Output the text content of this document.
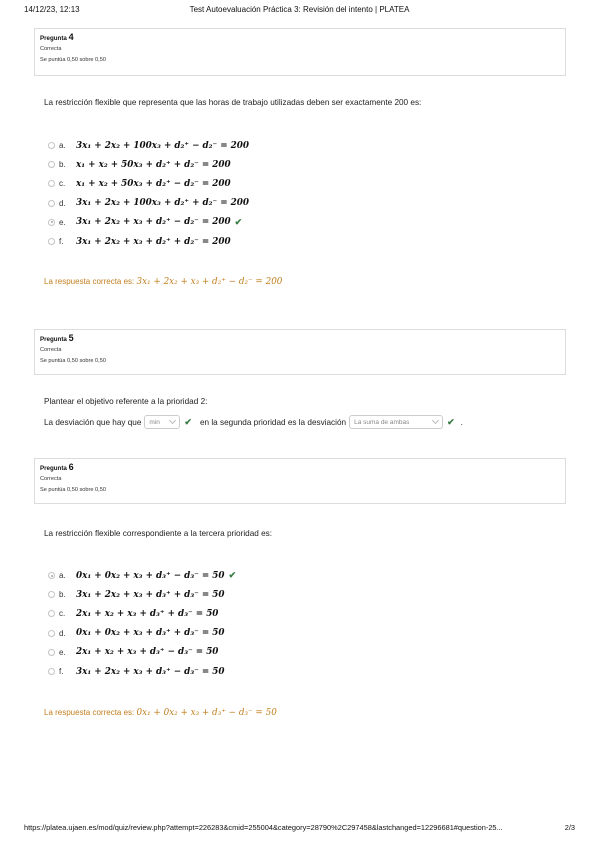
14/12/23, 12:13	Test Autoevaluación Práctica 3: Revisión del intento | PLATEA
Pregunta 4
Correcta
Se puntúa 0,50 sobre 0,50
La restricción flexible que representa que las horas de trabajo utilizadas deben ser exactamente 200 es:
a.	3x₁ + 2x₂ + 100x₃ + d₂⁺ − d₂⁻ = 200
b.	x₁ + x₂ + 50x₃ + d₂⁺ + d₂⁻ = 200
c.	x₁ + x₂ + 50x₃ + d₂⁺ − d₂⁻ = 200
d.	3x₁ + 2x₂ + 100x₃ + d₂⁺ + d₂⁻ = 200
e.	3x₁ + 2x₂ + x₃ + d₂⁺ − d₂⁻ = 200 ✔
f.	3x₁ + 2x₂ + x₃ + d₂⁺ + d₂⁻ = 200
La respuesta correcta es: 3x₁ + 2x₂ + x₃ + d₂⁺ − d₂⁻ = 200
Pregunta 5
Correcta
Se puntúa 0,50 sobre 0,50
Plantear el objetivo referente a la prioridad 2:
La desviación que hay que	min	✔ en la segunda prioridad es la desviación	La suma de ambas	✔ .
Pregunta 6
Correcta
Se puntúa 0,50 sobre 0,50
La restricción flexible correspondiente a la tercera prioridad es:
a.	0x₁ + 0x₂ + x₃ + d₃⁺ − d₃⁻ = 50 ✔
b.	3x₁ + 2x₂ + x₃ + d₃⁺ + d₃⁻ = 50
c.	2x₁ + x₂ + x₃ + d₃⁺ + d₃⁻ = 50
d.	0x₁ + 0x₂ + x₃ + d₃⁺ + d₃⁻ = 50
e.	2x₁ + x₂ + x₃ + d₃⁺ − d₃⁻ = 50
f.	3x₁ + 2x₂ + x₃ + d₃⁺ − d₃⁻ = 50
La respuesta correcta es: 0x₁ + 0x₂ + x₃ + d₃⁺ − d₃⁻ = 50
https://platea.ujaen.es/mod/quiz/review.php?attempt=226283&cmid=255004&category=28790%2C297458&lastchanged=12296681#question-25...	2/3
